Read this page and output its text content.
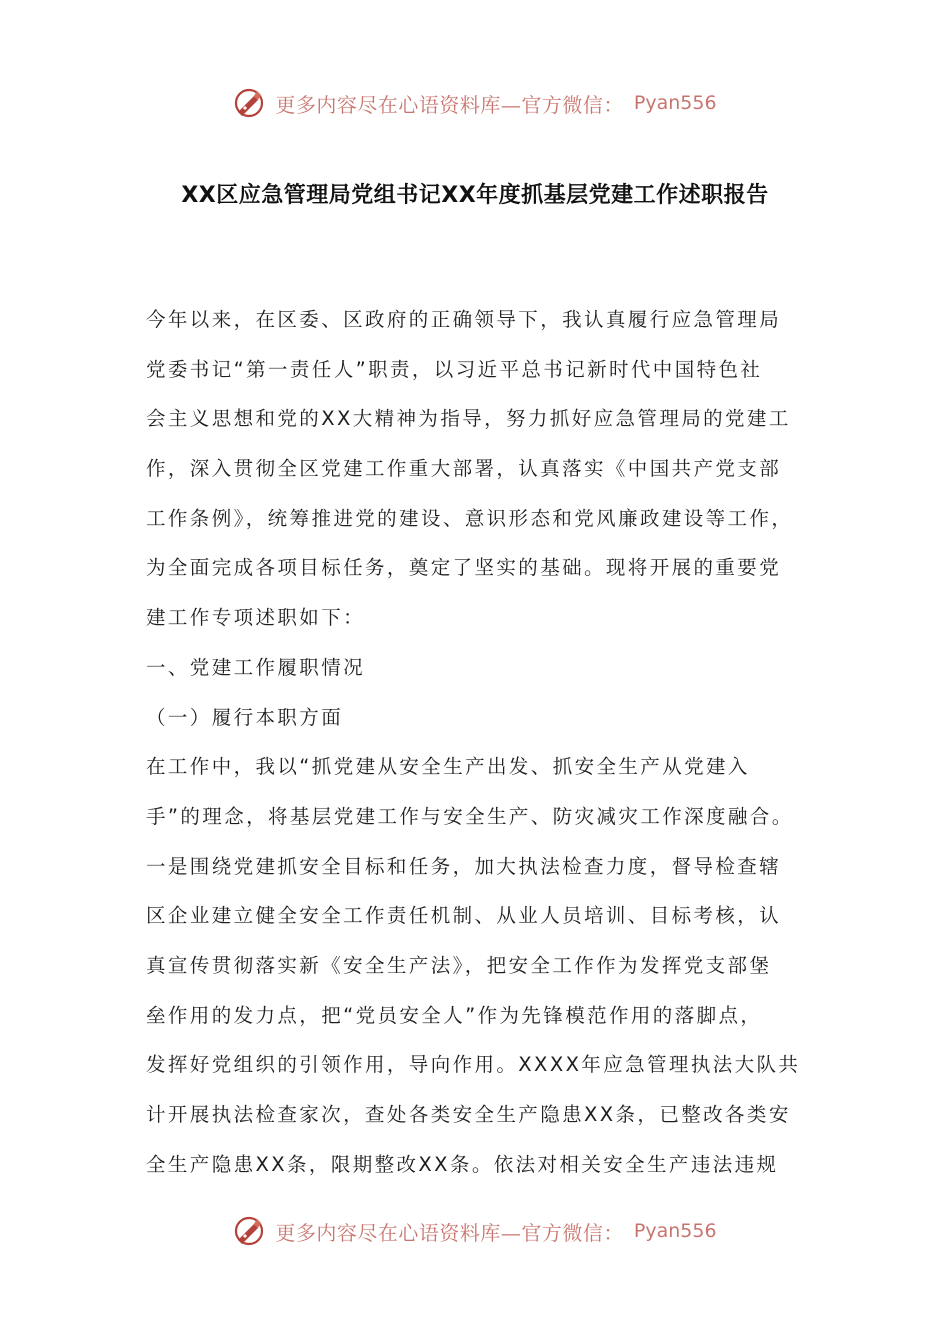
更多内容尽在心语资料库—官方微信： Pyan556
XX区应急管理局党组书记XX年度抓基层党建工作述职报告
今年以来，在区委、区政府的正确领导下，我认真履行应急管理局
党委书记“第一责任人”职责，以习近平总书记新时代中国特色社
会主义思想和党的XX大精神为指导，努力抓好应急管理局的党建工
作，深入贯彻全区党建工作重大部署，认真落实《中国共产党支部
工作条例》，统筹推进党的建设、意识形态和党风廉政建设等工作，
为全面完成各项目标任务，奠定了坚实的基础。现将开展的重要党
建工作专项述职如下：
一、党建工作履职情况
（一）履行本职方面
在工作中，我以“抓党建从安全生产出发、抓安全生产从党建入
手”的理念，将基层党建工作与安全生产、防灾减灾工作深度融合。
一是围绕党建抓安全目标和任务，加大执法检查力度，督导检查辖
区企业建立健全安全工作责任机制、从业人员培训、目标考核，认
真宣传贯彻落实新《安全生产法》，把安全工作作为发挥党支部堡
垒作用的发力点，把“党员安全人”作为先锋模范作用的落脚点，
发挥好党组织的引领作用，导向作用。XXXX年应急管理执法大队共
计开展执法检查家次，查处各类安全生产隐患XX条，已整改各类安
全生产隐患XX条，限期整改XX条。依法对相关安全生产违法违规
更多内容尽在心语资料库—官方微信： Pyan556
